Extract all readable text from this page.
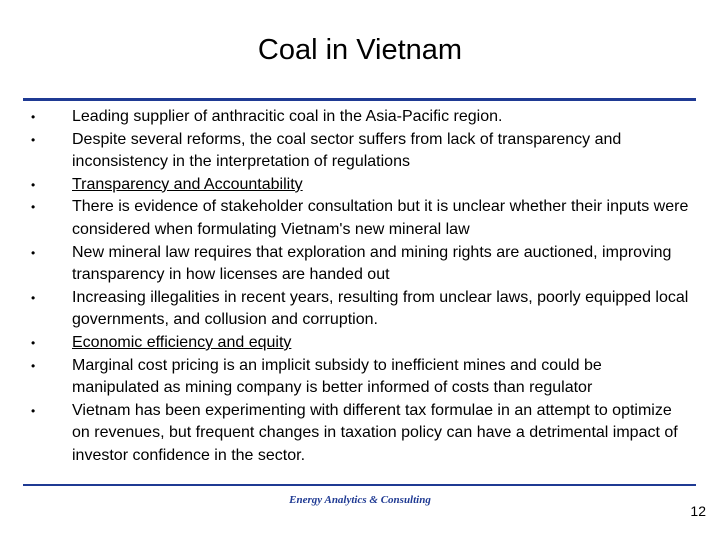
Coal in Vietnam
• Leading supplier of anthracitic coal in the Asia-Pacific region.
• Despite several reforms, the coal sector suffers from lack of transparency and inconsistency in the interpretation of regulations
• Transparency and Accountability
• There is evidence of stakeholder consultation but it is unclear whether their inputs were considered when formulating Vietnam's new mineral law
• New mineral law requires that exploration and mining rights are auctioned, improving transparency in how licenses are handed out
• Increasing illegalities in recent years, resulting from unclear laws, poorly equipped local governments, and collusion and corruption.
• Economic efficiency and equity
• Marginal cost pricing is an implicit subsidy to inefficient mines and could be manipulated as mining company is better informed of costs than regulator
• Vietnam has been experimenting with different tax formulae in an attempt to optimize on revenues, but frequent changes in taxation policy can have a detrimental impact of investor confidence in the sector.
Energy Analytics & Consulting
12
